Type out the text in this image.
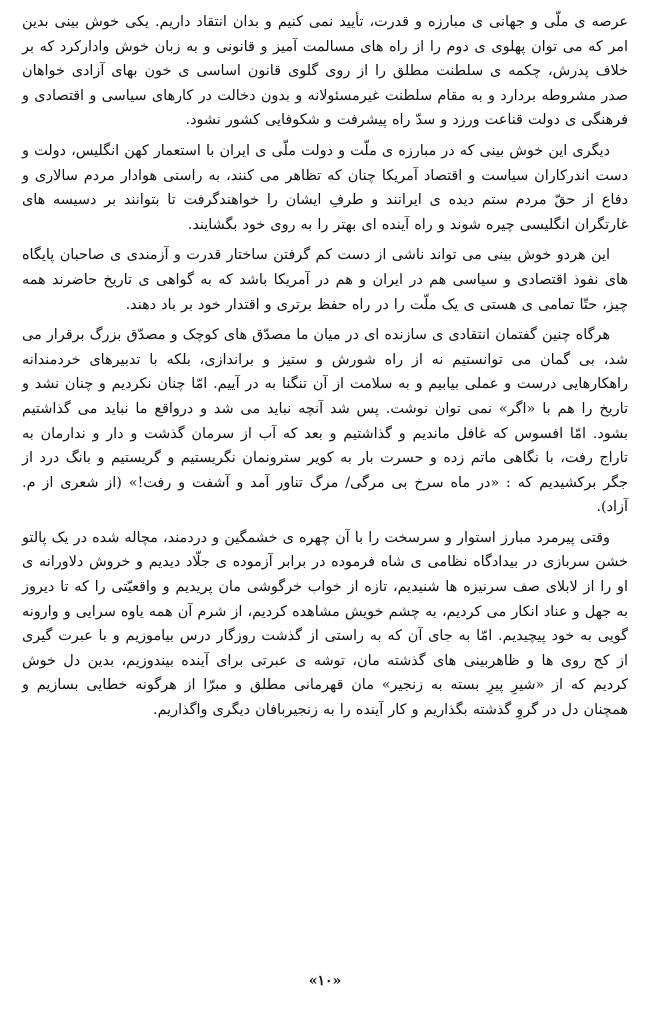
عرصه ی ملّی و جهانی ی مبارزه و قدرت، تأیید نمی کنیم و بدان انتقاد داریم. یکی خوش بینی بدین امر که می توان پهلوی ی دوم را از راه های مسالمت آمیز و قانونی و به زبان خوش وادارکرد که بر خلاف پدرش، چکمه ی سلطنت مطلق را از روی گلوی قانون اساسی ی خون بهای آزادی خواهان صدر مشروطه بردارد و به مقام سلطنت غیرمسئولانه و بدون دخالت در کارهای سیاسی و اقتصادی و فرهنگی ی دولت قناعت ورزد و سدّ راه پیشرفت و شکوفایی کشور نشود.

دیگری این خوش بینی که در مبارزه ی ملّت و دولت ملّی ی ایران با استعمار کهن انگلیس، دولت و دست اندرکاران سیاست و اقتصاد آمریکا چنان که تظاهر می کنند، به راستی هوادار مردم سالاری و دفاع از حقّ مردم ستم دیده ی ایرانند و طرفِ ایشان را خواهندگرفت تا بتوانند بر دسیسه های غارتگران انگلیسی چیره شوند و راه آینده ای بهتر را به روی خود بگشایند.

این هردو خوش بینی می تواند ناشی از دست کم گرفتن ساختار قدرت و آزمندی ی صاحبان پایگاه های نفوذ اقتصادی و سیاسی هم در ایران و هم در آمریکا باشد که به گواهی ی تاریخ حاضرند همه چیز، حتّا تمامی ی هستی ی یک ملّت را در راه حفظ برتری و اقتدار خود بر باد دهند.

هرگاه چنین گفتمان انتقادی ی سازنده ای در میان ما مصدّق های کوچک و مصدّق بزرگ برقرار می شد، بی گمان می توانستیم نه از راه شورش و ستیز و براندازی، بلکه با تدبیرهای خردمندانه راهکارهایی درست و عملی بیابیم و به سلامت از آن تنگنا به در آییم. امّا چنان نکردیم و چنان نشد و تاریخ را هم با «اگر» نمی توان نوشت. پس شد آنچه نباید می شد و درواقع ما نباید می گذاشتیم بشود. امّا افسوس که غافل ماندیم و گذاشتیم و بعد که آب از سرمان گذشت و دار و ندارمان به تاراج رفت، با نگاهی ماتم زده و حسرت بار به کویر سترونمان نگریستیم و گریستیم و بانگ درد از جگر برکشیدیم که : «در ماه سرخ بی مرگی/ مرگ تناور آمد و آشفت و رفت!» (از شعری از م. آزاد).

وقتی پیرمرد مبارز استوار و سرسخت را با آن چهره ی خشمگین و دردمند، مچاله شده در یک پالتو خشن سربازی در بیدادگاه نظامی ی شاه فرموده در برابر آزموده ی جلّاد دیدیم و خروش دلاورانه ی او را از لابلای صف سرنیزه ها شنیدیم، تازه از خواب خرگوشی مان پریدیم و واقعیّتی را که تا دیروز به جهل و عناد انکار می کردیم، به چشم خویش مشاهده کردیم، از شرم آن همه یاوه سرایی و وارونه گویی به خود پیچیدیم. امّا به جای آن که به راستی از گذشت روزگار درس بیاموزیم و با عبرت گیری از کج روی ها و ظاهربینی های گذشته مان، توشه ی عبرتی برای آینده بیندوزیم، بدین دل خوش کردیم که از «شیرِ پیرِ بسته به زنجیر» مان قهرمانی مطلق و مبرّا از هرگونه خطایی بسازیم و همچنان دل در گروِ گذشته بگذاریم و کار آینده را به زنجیربافان دیگری واگذاریم.

«۱۰»
